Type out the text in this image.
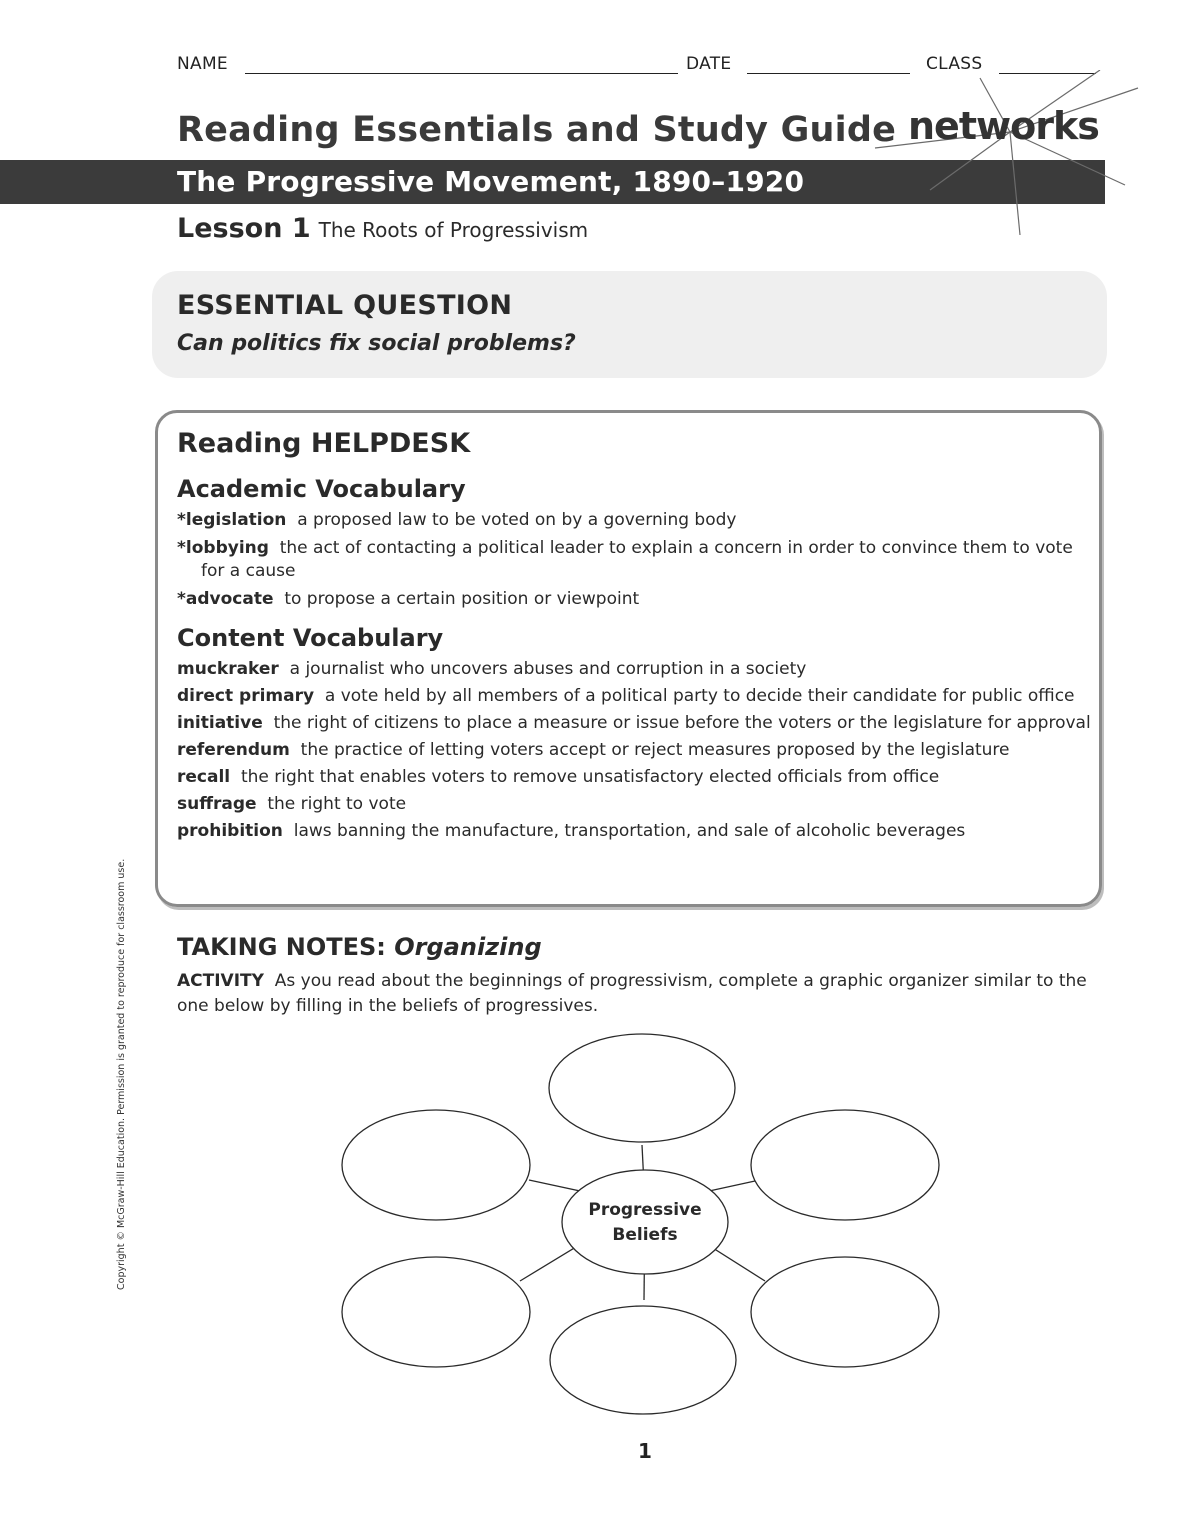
NAME	DATE	CLASS
Reading Essentials and Study Guide
The Progressive Movement, 1890–1920
networks
Lesson 1 The Roots of Progressivism
ESSENTIAL QUESTION
Can politics fix social problems?
Reading HELPDESK
Academic Vocabulary
*legislation a proposed law to be voted on by a governing body
*lobbying the act of contacting a political leader to explain a concern in order to convince them to vote for a cause
*advocate to propose a certain position or viewpoint
Content Vocabulary
muckraker a journalist who uncovers abuses and corruption in a society
direct primary a vote held by all members of a political party to decide their candidate for public office
initiative the right of citizens to place a measure or issue before the voters or the legislature for approval
referendum the practice of letting voters accept or reject measures proposed by the legislature
recall the right that enables voters to remove unsatisfactory elected officials from office
suffrage the right to vote
prohibition laws banning the manufacture, transportation, and sale of alcoholic beverages
TAKING NOTES: Organizing
ACTIVITY As you read about the beginnings of progressivism, complete a graphic organizer similar to the one below by filling in the beliefs of progressives.
Progressive
Beliefs
Copyright © McGraw-Hill Education. Permission is granted to reproduce for classroom use.
1
